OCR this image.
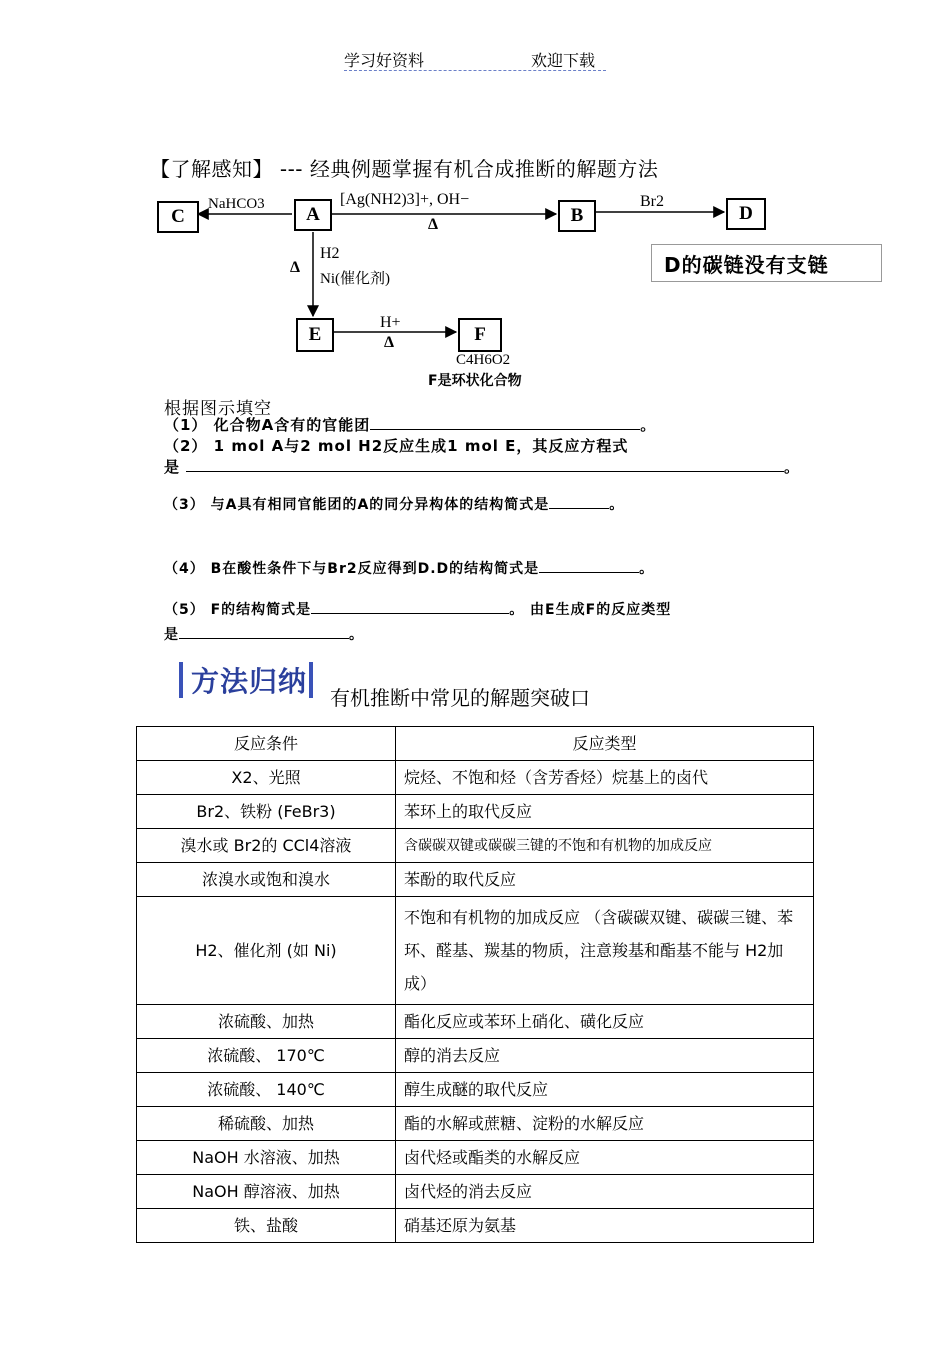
学习好资料	欢迎下载
【了解感知】 --- 经典例题掌握有机合成推断的解题方法
C	A	B	D
E	F
NaHCO3	[Ag(NH2)3]+, OH−
Δ
Br2
Δ
H2
Ni(催化剂)
H+
Δ
C4H6O2
F是环状化合物
D的碳链没有支链
根据图示填空
（1） 化合物A含有的官能团	。
（2） 1 mol A与2 mol H2反应生成1 mol E，其反应方程式
是	。
（3） 与A具有相同官能团的A的同分异构体的结构简式是	。
（4） B在酸性条件下与Br2反应得到D.D的结构简式是	。
（5） F的结构简式是	。 由E生成F的反应类型
是	。
方法归纳 有机推断中常见的解题突破口
反应条件	反应类型
X2、光照	烷烃、不饱和烃（含芳香烃）烷基上的卤代
Br2、铁粉 (FeBr3)	苯环上的取代反应
溴水或 Br2的 CCl4溶液	含碳碳双键或碳碳三键的不饱和有机物的加成反应
浓溴水或饱和溴水	苯酚的取代反应
H2、催化剂 (如 Ni)	不饱和有机物的加成反应 （含碳碳双键、碳碳三键、苯环、醛基、羰基的物质，注意羧基和酯基不能与 H2加成）
浓硫酸、加热	酯化反应或苯环上硝化、磺化反应
浓硫酸、 170℃	醇的消去反应
浓硫酸、 140℃	醇生成醚的取代反应
稀硫酸、加热	酯的水解或蔗糖、淀粉的水解反应
NaOH 水溶液、加热	卤代烃或酯类的水解反应
NaOH 醇溶液、加热	卤代烃的消去反应
铁、盐酸	硝基还原为氨基
